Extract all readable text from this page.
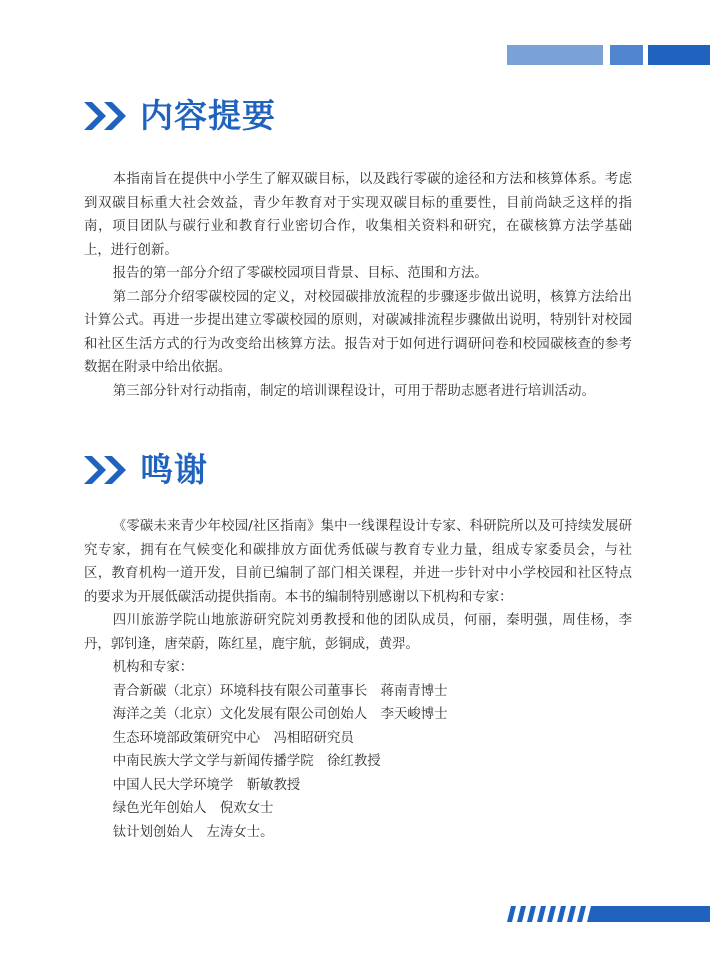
内容提要

本指南旨在提供中小学生了解双碳目标，以及践行零碳的途径和方法和核算体系。考虑到双碳目标重大社会效益，青少年教育对于实现双碳目标的重要性，目前尚缺乏这样的指南，项目团队与碳行业和教育行业密切合作，收集相关资料和研究，在碳核算方法学基础上，进行创新。

报告的第一部分介绍了零碳校园项目背景、目标、范围和方法。

第二部分介绍零碳校园的定义，对校园碳排放流程的步骤逐步做出说明，核算方法给出计算公式。再进一步提出建立零碳校园的原则，对碳减排流程步骤做出说明，特别针对校园和社区生活方式的行为改变给出核算方法。报告对于如何进行调研问卷和校园碳核查的参考数据在附录中给出依据。

第三部分针对行动指南，制定的培训课程设计，可用于帮助志愿者进行培训活动。

鸣谢

《零碳未来青少年校园/社区指南》集中一线课程设计专家、科研院所以及可持续发展研究专家，拥有在气候变化和碳排放方面优秀低碳与教育专业力量，组成专家委员会，与社区，教育机构一道开发，目前已编制了部门相关课程，并进一步针对中小学校园和社区特点的要求为开展低碳活动提供指南。本书的编制特别感谢以下机构和专家：

四川旅游学院山地旅游研究院刘勇教授和他的团队成员，何丽，秦明强，周佳杨，李丹，郭钊逢，唐荣蔚，陈红星，鹿宇航，彭铜成，黄羿。

机构和专家：

青合新碳（北京）环境科技有限公司董事长　蒋南青博士
海洋之美（北京）文化发展有限公司创始人　李天峻博士
生态环境部政策研究中心　冯相昭研究员
中南民族大学文学与新闻传播学院　徐红教授
中国人民大学环境学　靳敏教授
绿色光年创始人　倪欢女士
钛计划创始人　左涛女士。
